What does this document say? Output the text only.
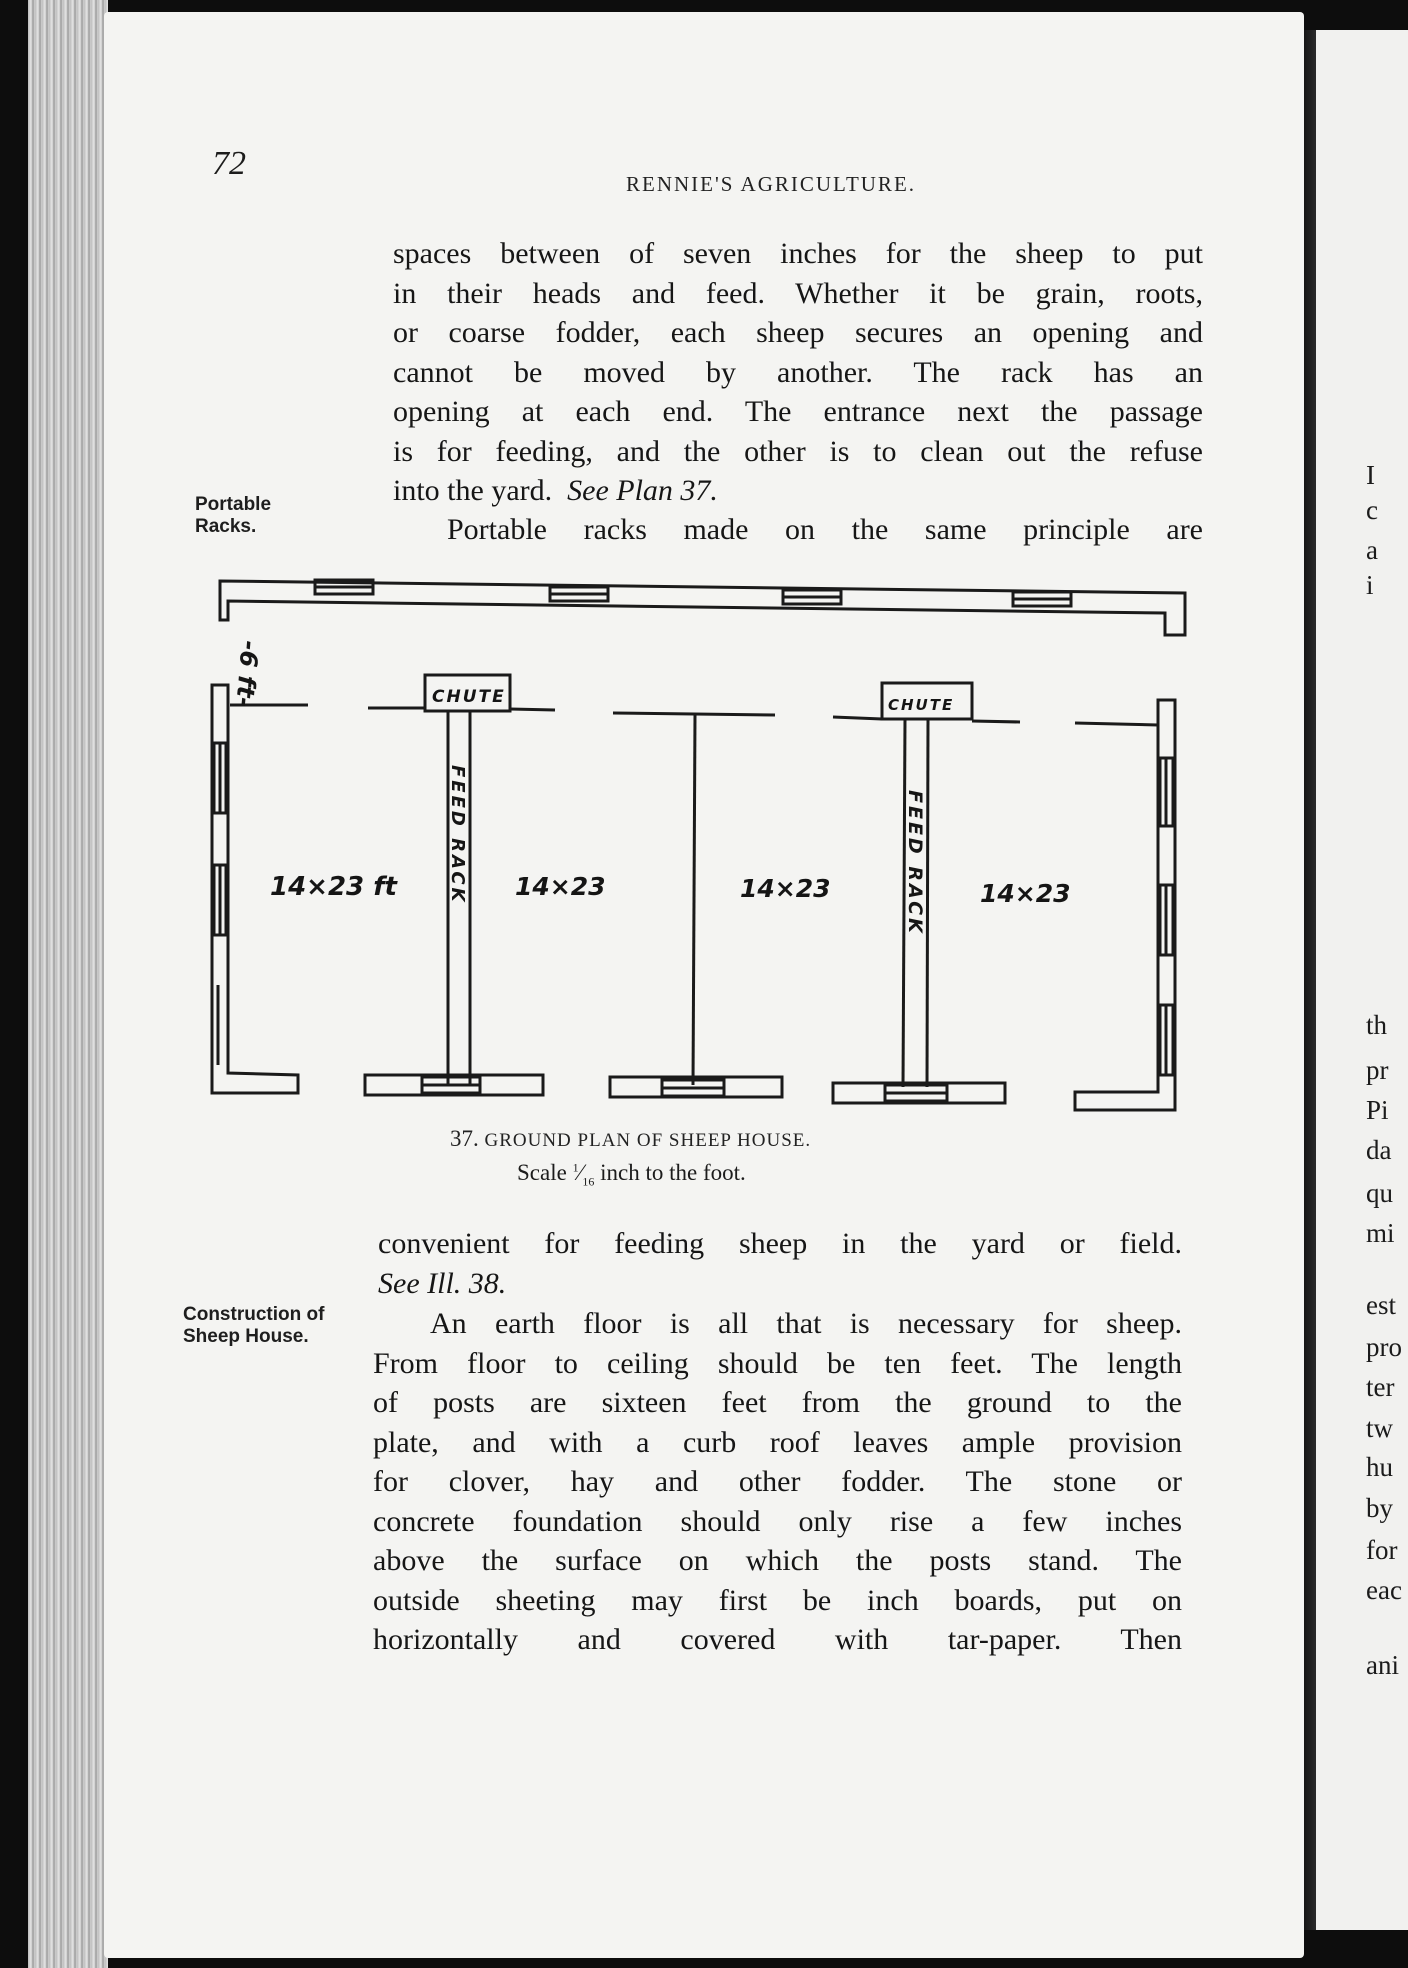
I
c
a
i
th
pr
Pi
da
qu
mi
est
pro
ter
tw
hu
by
for
eac
ani
72
RENNIE'S AGRICULTURE.
Portable
Racks.
spaces between of seven inches for the sheep to put
in their heads and feed. Whether it be grain, roots,
or coarse fodder, each sheep secures an opening and
cannot be moved by another. The rack has an
opening at each end. The entrance next the passage
is for feeding, and the other is to clean out the refuse
into the yard. See Plan 37.
Portable racks made on the same principle are
CHUTE	CHUTE
FEED RACK	FEED RACK
14×23 ft	14×23	14×23	14×23
-6 ft-
37. GROUND PLAN OF SHEEP HOUSE.
Scale $^1⁄_{16}$ inch to the foot.
convenient for feeding sheep in the yard or field.
See Ill. 38.
Construction of
Sheep House.	An earth floor is all that is necessary for sheep.
From floor to ceiling should be ten feet. The length
of posts are sixteen feet from the ground to the
plate, and with a curb roof leaves ample provision
for clover, hay and other fodder. The stone or
concrete foundation should only rise a few inches
above the surface on which the posts stand. The
outside sheeting may first be inch boards, put on
horizontally and covered with tar-paper. Then
